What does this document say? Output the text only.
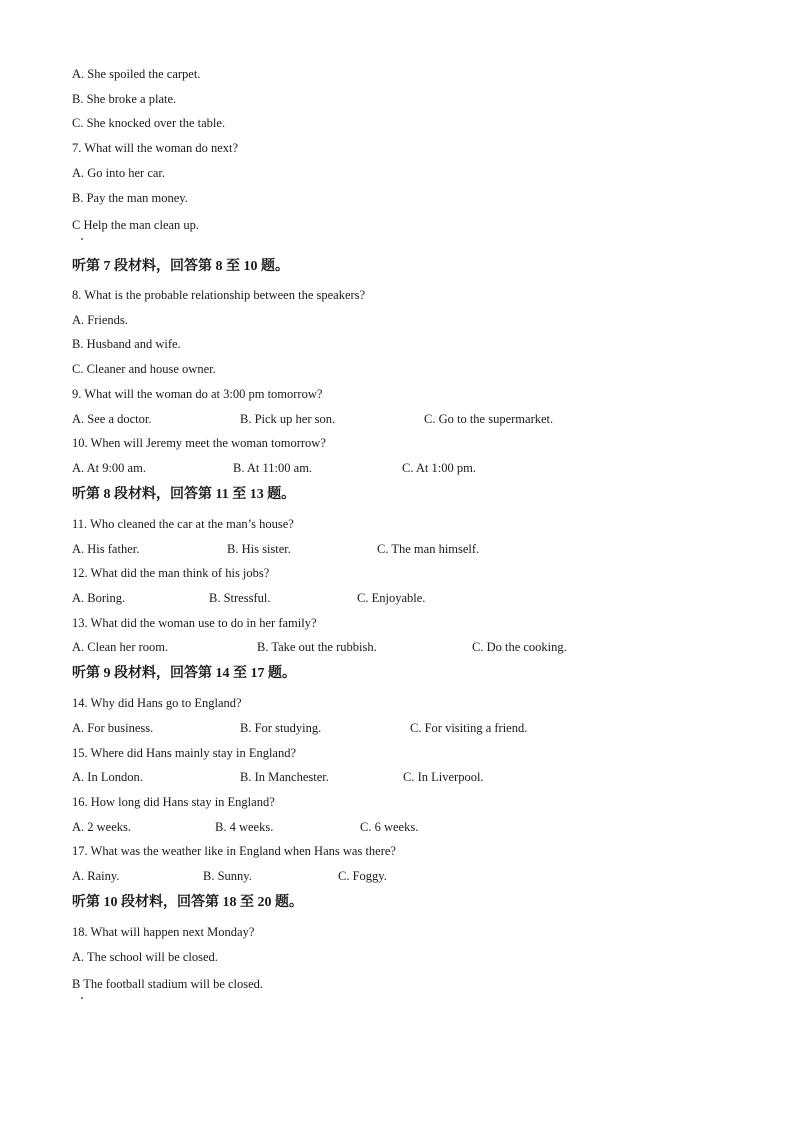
A. She spoiled the carpet.
B. She broke a plate.
C. She knocked over the table.
7. What will the woman do next?
A. Go into her car.
B. Pay the man money.
C Help the man clean up.
听第 7 段材料，回答第 8 至 10 题。
8. What is the probable relationship between the speakers?
A. Friends.
B. Husband and wife.
C. Cleaner and house owner.
9. What will the woman do at 3:00 pm tomorrow?
A. See a doctor.	B. Pick up her son.	C. Go to the supermarket.
10. When will Jeremy meet the woman tomorrow?
A. At 9:00 am.	B. At 11:00 am.	C. At 1:00 pm.
听第 8 段材料，回答第 11 至 13 题。
11. Who cleaned the car at the man’s house?
A. His father.	B. His sister.	C. The man himself.
12. What did the man think of his jobs?
A. Boring.	B. Stressful.	C. Enjoyable.
13. What did the woman use to do in her family?
A. Clean her room.	B. Take out the rubbish.	C. Do the cooking.
听第 9 段材料，回答第 14 至 17 题。
14. Why did Hans go to England?
A. For business.	B. For studying.	C. For visiting a friend.
15. Where did Hans mainly stay in England?
A. In London.	B. In Manchester.	C. In Liverpool.
16. How long did Hans stay in England?
A. 2 weeks.	B. 4 weeks.	C. 6 weeks.
17. What was the weather like in England when Hans was there?
A. Rainy.	B. Sunny.	C. Foggy.
听第 10 段材料，回答第 18 至 20 题。
18. What will happen next Monday?
A. The school will be closed.
B The football stadium will be closed.
